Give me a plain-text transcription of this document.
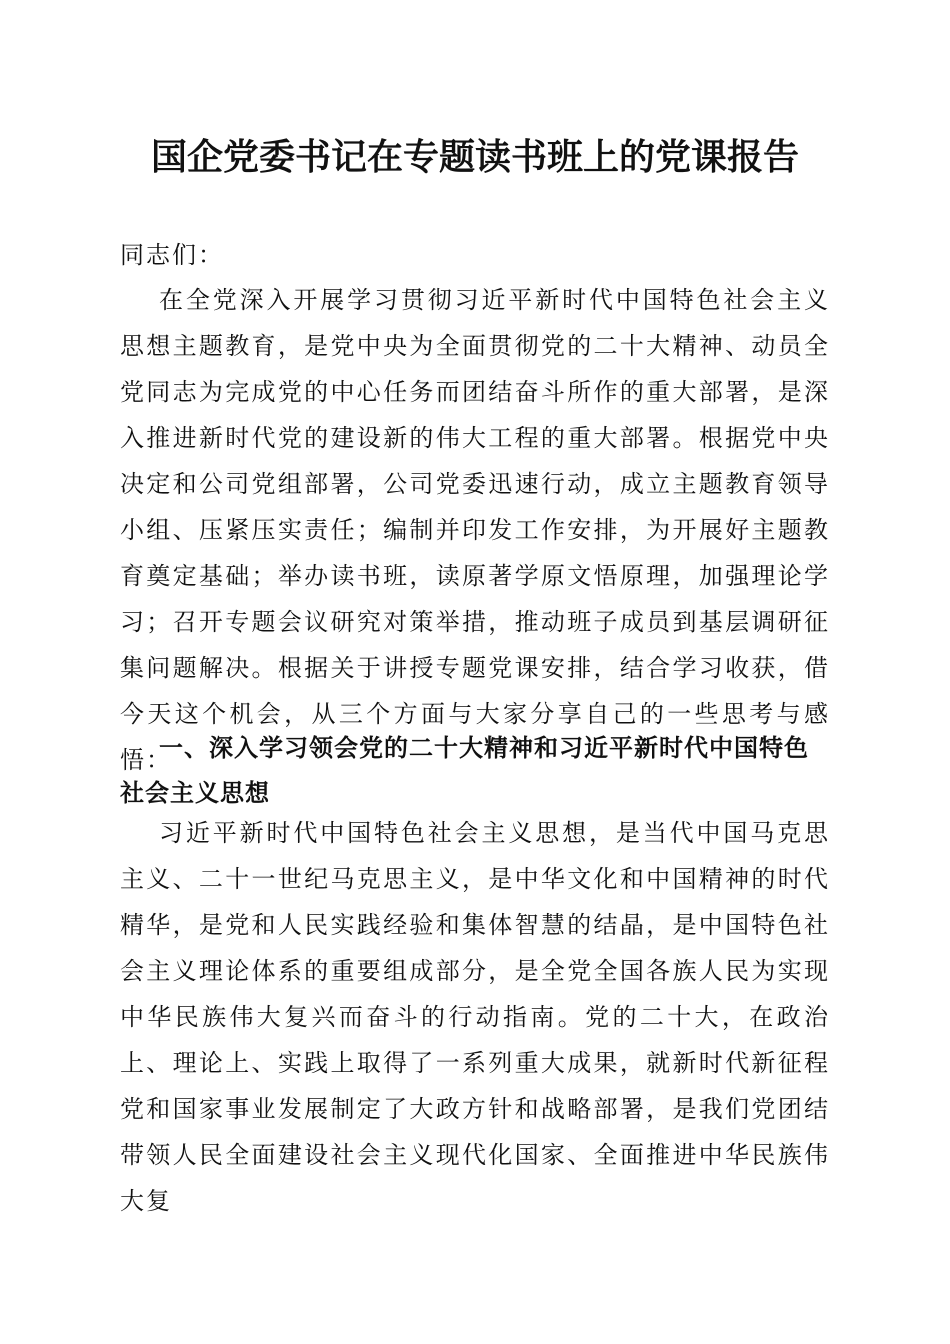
国企党委书记在专题读书班上的党课报告

同志们：

在全党深入开展学习贯彻习近平新时代中国特色社会主义思想主题教育，是党中央为全面贯彻党的二十大精神、动员全党同志为完成党的中心任务而团结奋斗所作的重大部署，是深入推进新时代党的建设新的伟大工程的重大部署。根据党中央决定和公司党组部署，公司党委迅速行动，成立主题教育领导小组、压紧压实责任；编制并印发工作安排，为开展好主题教育奠定基础；举办读书班，读原著学原文悟原理，加强理论学习；召开专题会议研究对策举措，推动班子成员到基层调研征集问题解决。根据关于讲授专题党课安排，结合学习收获，借今天这个机会，从三个方面与大家分享自己的一些思考与感悟：

一、深入学习领会党的二十大精神和习近平新时代中国特色社会主义思想

习近平新时代中国特色社会主义思想，是当代中国马克思主义、二十一世纪马克思主义，是中华文化和中国精神的时代精华，是党和人民实践经验和集体智慧的结晶，是中国特色社会主义理论体系的重要组成部分，是全党全国各族人民为实现中华民族伟大复兴而奋斗的行动指南。党的二十大，在政治上、理论上、实践上取得了一系列重大成果，就新时代新征程党和国家事业发展制定了大政方针和战略部署，是我们党团结带领人民全面建设社会主义现代化国家、全面推进中华民族伟大复
